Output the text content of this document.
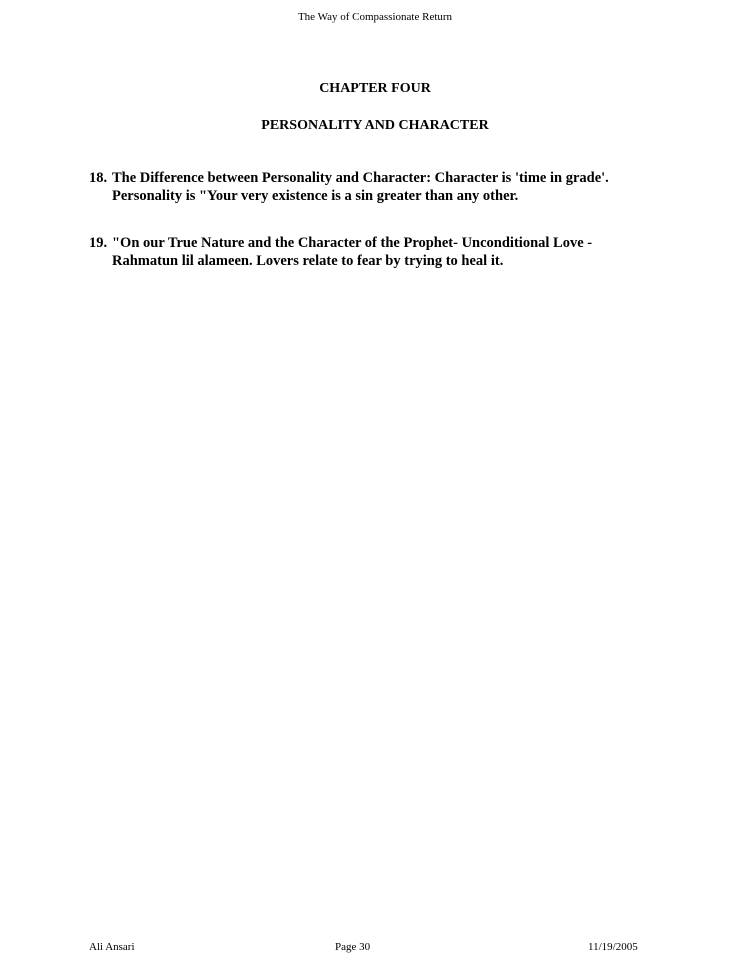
The Way of Compassionate Return
CHAPTER FOUR
PERSONALITY AND CHARACTER
18. The Difference between Personality and Character: Character is 'time in grade'.
Personality is "Your very existence is a sin greater than any other.
19. "On our True Nature and the Character of the Prophet- Unconditional Love -
Rahmatun lil alameen. Lovers relate to fear by trying to heal it.
Ali Ansari	Page 30	11/19/2005
